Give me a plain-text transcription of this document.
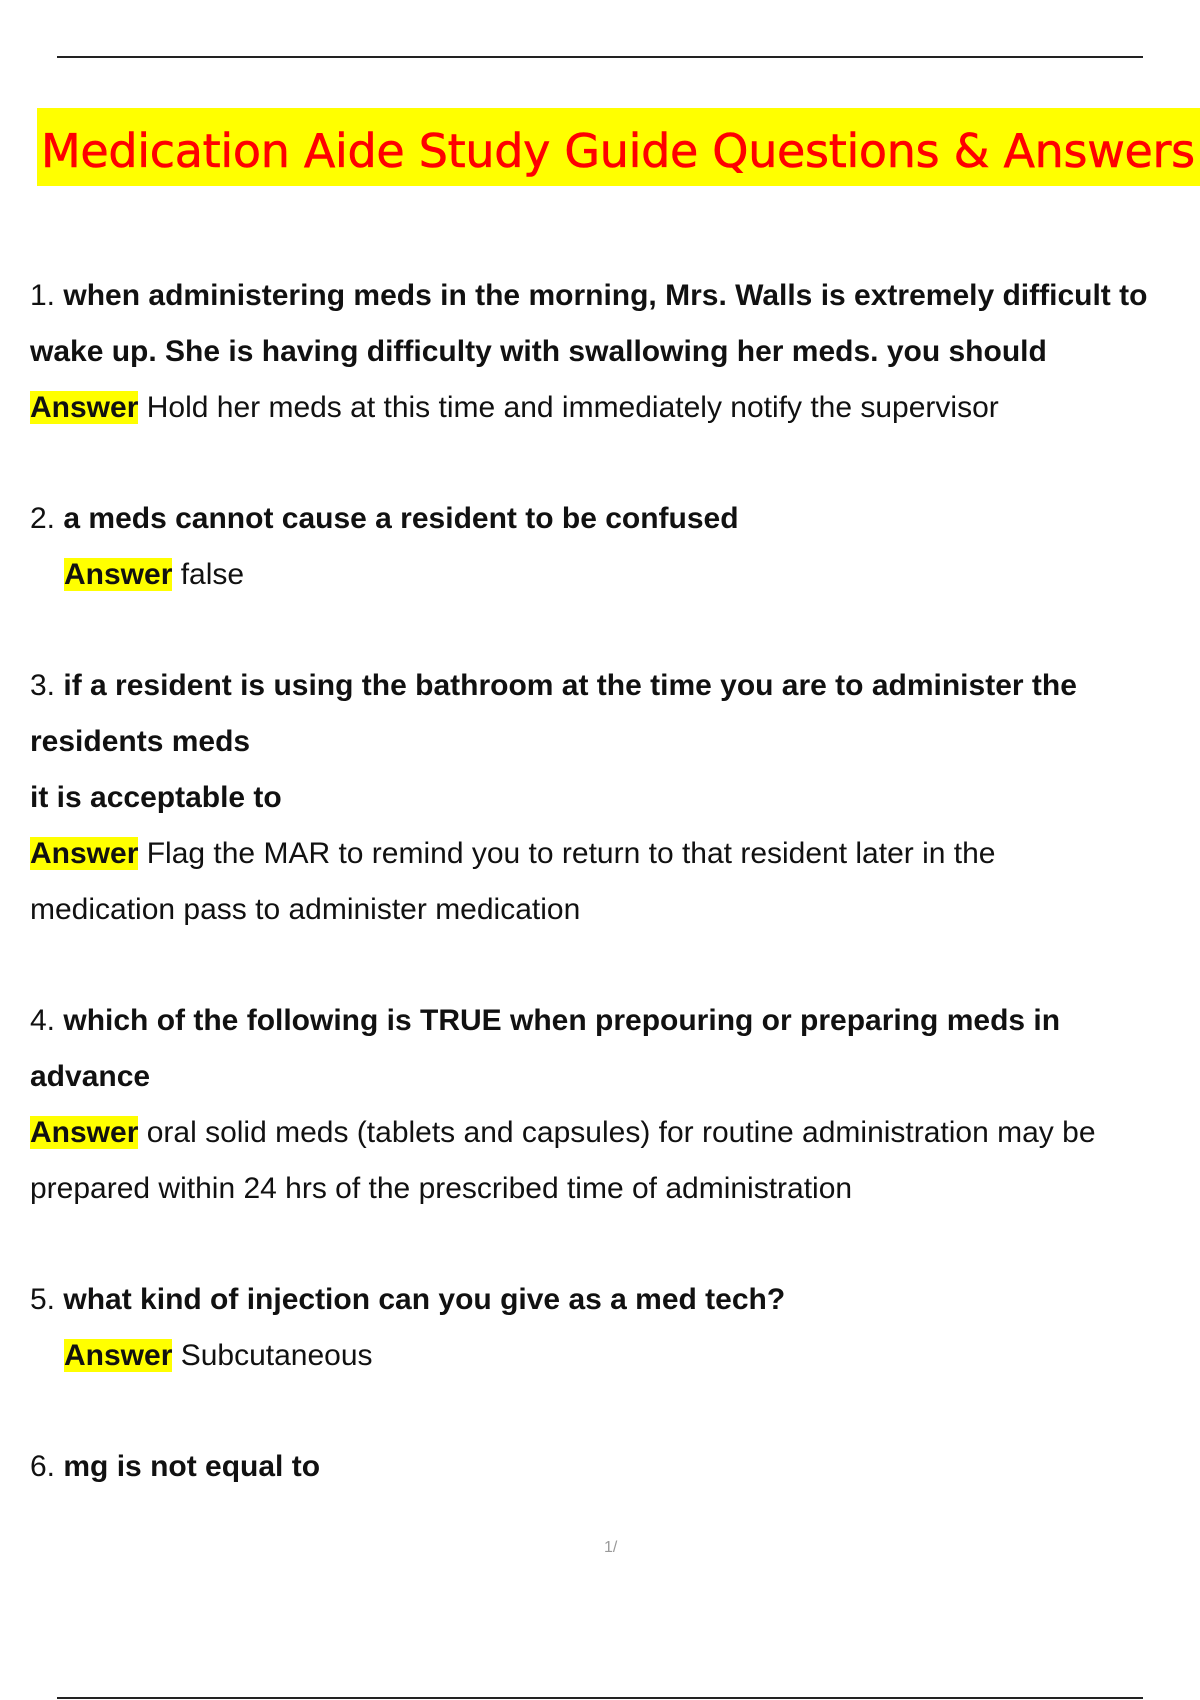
Medication Aide Study Guide Questions & Answers

1. when administering meds in the morning, Mrs. Walls is extremely difficult to

wake up. She is having difficulty with swallowing her meds. you should

Answer Hold her meds at this time and immediately notify the supervisor

2. a meds cannot cause a resident to be confused

Answer false

3. if a resident is using the bathroom at the time you are to administer the

residents meds

it is acceptable to

Answer Flag the MAR to remind you to return to that resident later in the

medication pass to administer medication

4. which of the following is TRUE when prepouring or preparing meds in

advance

Answer oral solid meds (tablets and capsules) for routine administration may be

prepared within 24 hrs of the prescribed time of administration

5. what kind of injection can you give as a med tech?

Answer Subcutaneous

6. mg is not equal to

1/
